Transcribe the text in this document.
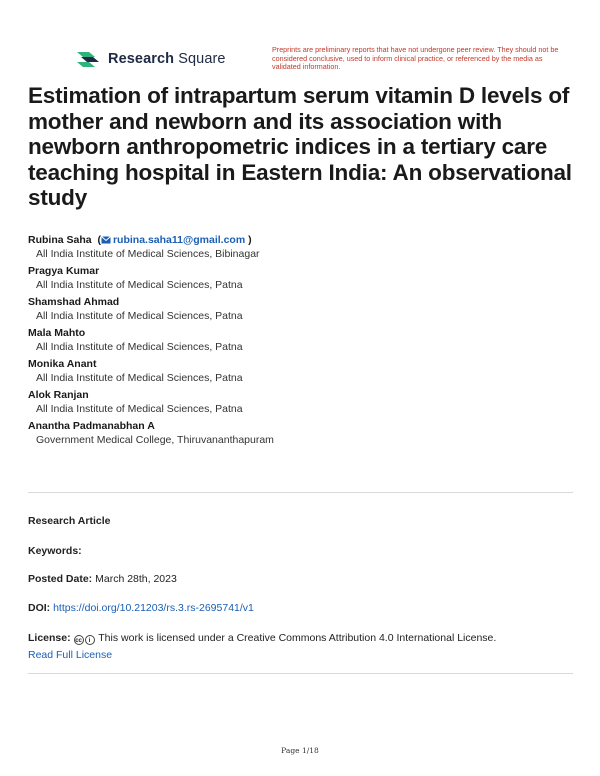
Research Square
Preprints are preliminary reports that have not undergone peer review. They should not be considered conclusive, used to inform clinical practice, or referenced by the media as validated information.
Estimation of intrapartum serum vitamin D levels of mother and newborn and its association with newborn anthropometric indices in a tertiary care teaching hospital in Eastern India: An observational study
Rubina Saha  ( rubina.saha11@gmail.com )
All India Institute of Medical Sciences, Bibinagar
Pragya Kumar
All India Institute of Medical Sciences, Patna
Shamshad Ahmad
All India Institute of Medical Sciences, Patna
Mala Mahto
All India Institute of Medical Sciences, Patna
Monika Anant
All India Institute of Medical Sciences, Patna
Alok Ranjan
All India Institute of Medical Sciences, Patna
Anantha Padmanabhan A
Government Medical College, Thiruvananthapuram
Research Article
Keywords:
Posted Date: March 28th, 2023
DOI: https://doi.org/10.21203/rs.3.rs-2695741/v1
License: cc i This work is licensed under a Creative Commons Attribution 4.0 International License.
Read Full License
Page 1/18
